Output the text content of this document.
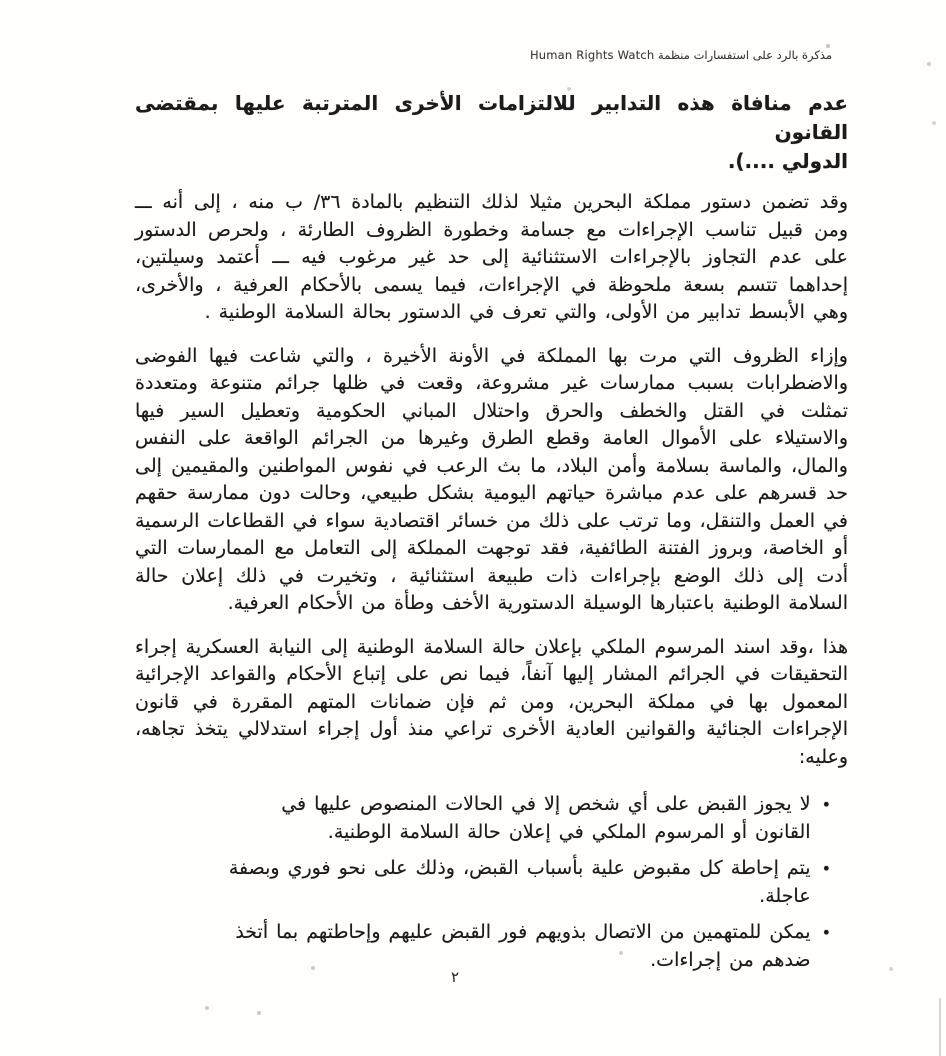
مذكرة بالرد على استفسارات منظمة Human Rights Watch
عدم منافاة هذه التدابير للالتزامات الأخرى المترتبة عليها بمقتضى القانون
الدولي ....).

وقد تضمن دستور مملكة البحرين مثيلا لذلك التنظيم بالمادة ٣٦/ ب منه ، إلى أنه ـــ ومن قبيل تناسب الإجراءات مع جسامة وخطورة الظروف الطارئة ، ولحرص الدستور على عدم التجاوز بالإجراءات الاستثنائية إلى حد غير مرغوب فيه ـــ أعتمد وسيلتين، إحداهما تتسم بسعة ملحوظة في الإجراءات، فيما يسمى بالأحكام العرفية ، والأخرى، وهي الأبسط تدابير من الأولى، والتي تعرف في الدستور بحالة السلامة الوطنية .

وإزاء الظروف التي مرت بها المملكة في الأونة الأخيرة ، والتي شاعت فيها الفوضى والاضطرابات بسبب ممارسات غير مشروعة، وقعت في ظلها جرائم متنوعة ومتعددة تمثلت في القتل والخطف والحرق واحتلال المباني الحكومية وتعطيل السير فيها والاستيلاء على الأموال العامة وقطع الطرق وغيرها من الجرائم الواقعة على النفس والمال، والماسة بسلامة وأمن البلاد، ما بث الرعب في نفوس المواطنين والمقيمين إلى حد قسرهم على عدم مباشرة حياتهم اليومية بشكل طبيعي، وحالت دون ممارسة حقهم في العمل والتنقل، وما ترتب على ذلك من خسائر اقتصادية سواء في القطاعات الرسمية أو الخاصة، وبروز الفتنة الطائفية، فقد توجهت المملكة إلى التعامل مع الممارسات التي أدت إلى ذلك الوضع بإجراءات ذات طبيعة استثنائية ، وتخيرت في ذلك إعلان حالة السلامة الوطنية باعتبارها الوسيلة الدستورية الأخف وطأة من الأحكام العرفية.

هذا ،وقد اسند المرسوم الملكي بإعلان حالة السلامة الوطنية إلى النيابة العسكرية إجراء التحقيقات في الجرائم المشار إليها آنفاً، فيما نص على إتباع الأحكام والقواعد الإجرائية المعمول بها في مملكة البحرين، ومن ثم فإن ضمانات المتهم المقررة في قانون الإجراءات الجنائية والقوانين العادية الأخرى تراعي منذ أول إجراء استدلالي يتخذ تجاهه، وعليه:

•
لا يجوز القبض على أي شخص إلا في الحالات المنصوص عليها في القانون أو المرسوم الملكي في إعلان حالة السلامة الوطنية.
•
يتم إحاطة كل مقبوض علية بأسباب القبض، وذلك على نحو فوري وبصفة عاجلة.
•
يمكن للمتهمين من الاتصال بذويهم فور القبض عليهم وإحاطتهم بما أتخذ ضدهم من إجراءات.
٢
